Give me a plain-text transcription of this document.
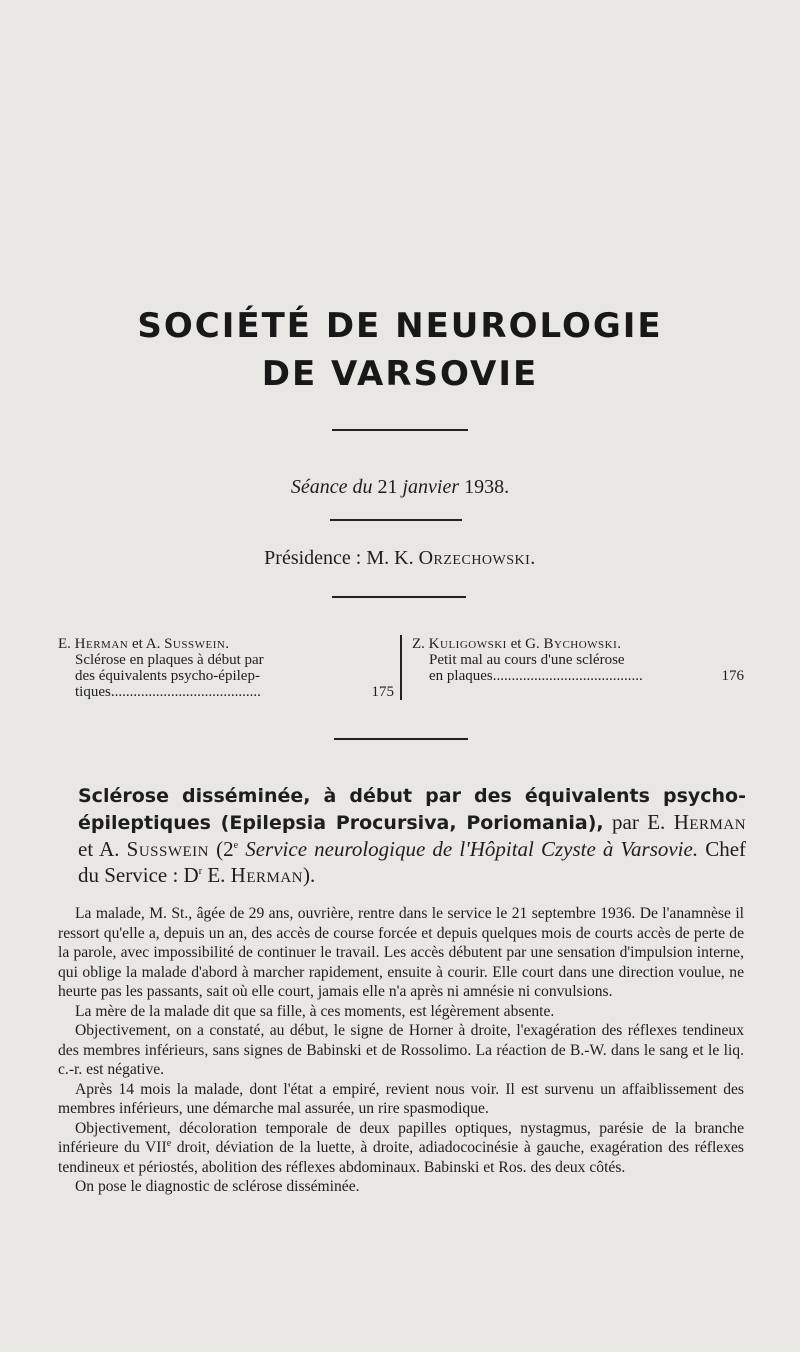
SOCIÉTÉ DE NEUROLOGIE
DE VARSOVIE
Séance du 21 janvier 1938.
Présidence : M. K. Orzechowski.
E. Herman et A. Susswein.
Sclérose en plaques à début par
des équivalents psycho-épilep-
tiques ........................................	175
Z. Kuligowski et G. Bychowski.
Petit mal au cours d'une sclérose
en plaques ........................................	176
Sclérose disséminée, à début par des équivalents psycho-épileptiques (Epilepsia Procursiva, Poriomania), par E. Herman et A. Susswein (2e Service neurologique de l'Hôpital Czyste à Varsovie. Chef du Service : $D^r$ E. Herman).

La malade, M. St., âgée de 29 ans, ouvrière, rentre dans le service le 21 septembre 1936. De l'anamnèse il ressort qu'elle a, depuis un an, des accès de course forcée et depuis quelques mois de courts accès de perte de la parole, avec impossibilité de continuer le travail. Les accès débutent par une sensation d'impulsion interne, qui oblige la malade d'abord à marcher rapidement, ensuite à courir. Elle court dans une direction voulue, ne heurte pas les passants, sait où elle court, jamais elle n'a après ni amnésie ni convulsions.

La mère de la malade dit que sa fille, à ces moments, est légèrement absente.

Objectivement, on a constaté, au début, le signe de Horner à droite, l'exagération des réflexes tendineux des membres inférieurs, sans signes de Babinski et de Rossolimo. La réaction de B.-W. dans le sang et le liq. c.-r. est négative.

Après 14 mois la malade, dont l'état a empiré, revient nous voir. Il est survenu un affaiblissement des membres inférieurs, une démarche mal assurée, un rire spasmodique.

Objectivement, décoloration temporale de deux papilles optiques, nystagmus, parésie de la branche inférieure du VIIe droit, déviation de la luette, à droite, adiadococinésie à gauche, exagération des réflexes tendineux et périostés, abolition des réflexes abdominaux. Babinski et Ros. des deux côtés.

On pose le diagnostic de sclérose disséminée.
